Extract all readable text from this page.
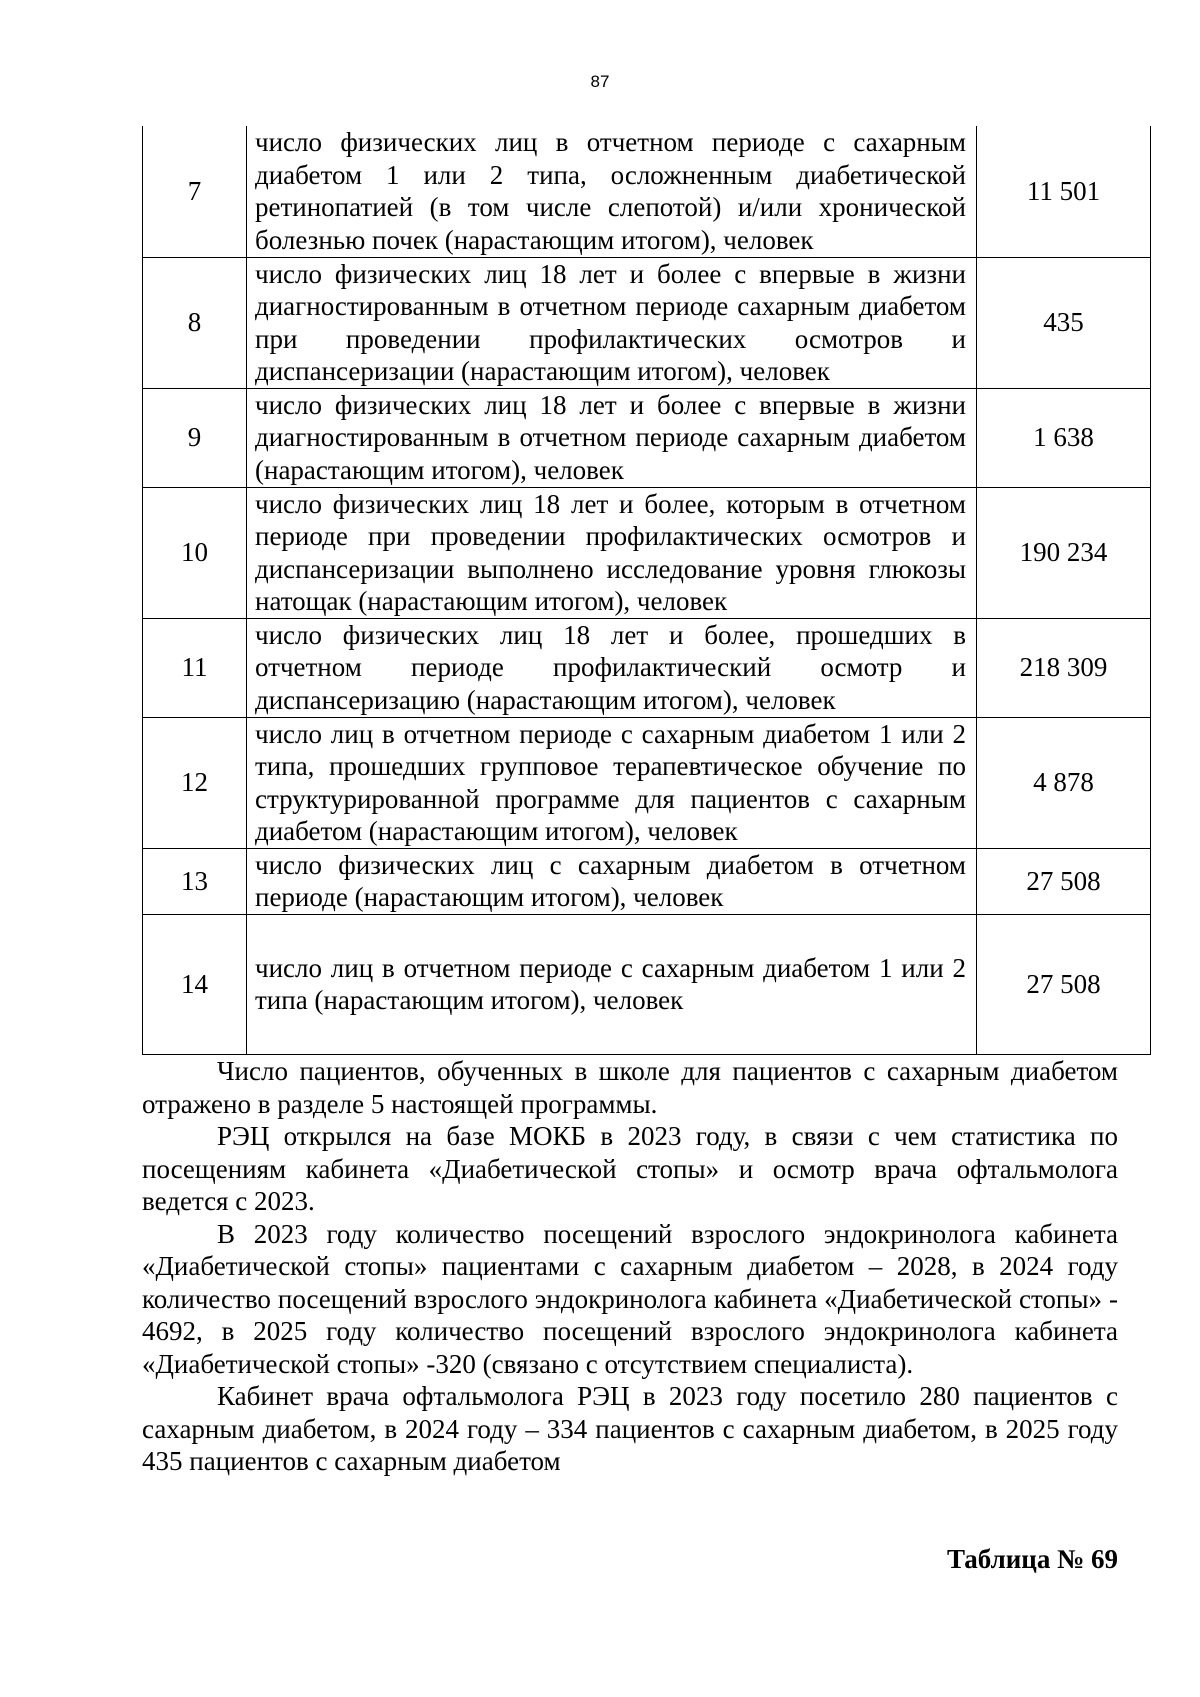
87
7	число физических лиц в отчетном периоде с сахарным диабетом 1 или 2 типа, осложненным диабетической ретинопатией (в том числе слепотой) и/или хронической болезнью почек (нарастающим итогом), человек	11 501
8	число физических лиц 18 лет и более с впервые в жизни диагностированным в отчетном периоде сахарным диабетом при проведении профилактических осмотров и диспансеризации (нарастающим итогом), человек	435
9	число физических лиц 18 лет и более с впервые в жизни диагностированным в отчетном периоде сахарным диабетом (нарастающим итогом), человек	1 638
10	число физических лиц 18 лет и более, которым в отчетном периоде при проведении профилактических осмотров и диспансеризации выполнено исследование уровня глюкозы натощак (нарастающим итогом), человек	190 234
11	число физических лиц 18 лет и более, прошедших в отчетном периоде профилактический осмотр и диспансеризацию (нарастающим итогом), человек	218 309
12	число лиц в отчетном периоде с сахарным диабетом 1 или 2 типа, прошедших групповое терапевтическое обучение по структурированной программе для пациентов с сахарным диабетом (нарастающим итогом), человек	4 878
13	число физических лиц с сахарным диабетом в отчетном периоде (нарастающим итогом), человек	27 508
14	число лиц в отчетном периоде с сахарным диабетом 1 или 2 типа (нарастающим итогом), человек	27 508

Число пациентов, обученных в школе для пациентов с сахарным диабетом отражено в разделе 5 настоящей программы.

РЭЦ открылся на базе МОКБ в 2023 году, в связи с чем статистика по посещениям кабинета «Диабетической стопы» и осмотр врача офтальмолога ведется с 2023.

В 2023 году количество посещений взрослого эндокринолога кабинета «Диабетической стопы» пациентами с сахарным диабетом – 2028, в 2024 году количество посещений взрослого эндокринолога кабинета «Диабетической стопы» - 4692, в 2025 году количество посещений взрослого эндокринолога кабинета «Диабетической стопы» -320 (связано с отсутствием специалиста).

Кабинет врача офтальмолога РЭЦ в 2023 году посетило 280 пациентов с сахарным диабетом, в 2024 году – 334 пациентов с сахарным диабетом, в 2025 году 435 пациентов с сахарным диабетом

Таблица № 69
